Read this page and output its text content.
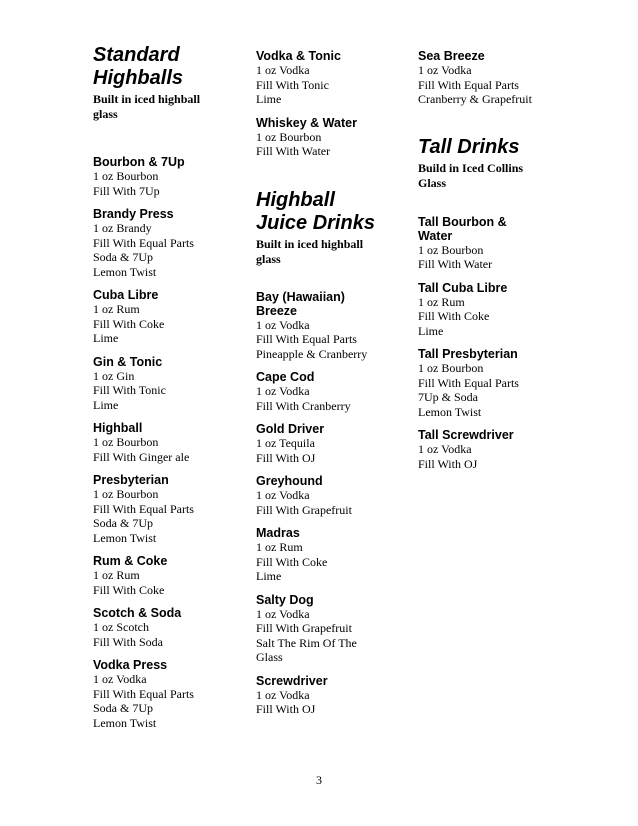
Standard Highballs
Built in iced highball glass
Bourbon & 7Up
1 oz Bourbon
Fill With 7Up
Brandy Press
1 oz Brandy
Fill With Equal Parts
Soda & 7Up
Lemon Twist
Cuba Libre
1 oz Rum
Fill With Coke
Lime
Gin & Tonic
1 oz Gin
Fill With Tonic
Lime
Highball
1 oz Bourbon
Fill With Ginger ale
Presbyterian
1 oz Bourbon
Fill With Equal Parts
Soda & 7Up
Lemon Twist
Rum & Coke
1 oz Rum
Fill With Coke
Scotch & Soda
1 oz Scotch
Fill With Soda
Vodka Press
1 oz Vodka
Fill With Equal Parts
Soda & 7Up
Lemon Twist
Vodka & Tonic
1 oz Vodka
Fill With Tonic
Lime
Whiskey & Water
1 oz Bourbon
Fill With Water
Highball Juice Drinks
Built in iced highball glass
Bay (Hawaiian) Breeze
1 oz Vodka
Fill With Equal Parts
Pineapple & Cranberry
Cape Cod
1 oz Vodka
Fill With Cranberry
Gold Driver
1 oz Tequila
Fill With OJ
Greyhound
1 oz Vodka
Fill With Grapefruit
Madras
1 oz Rum
Fill With Coke
Lime
Salty Dog
1 oz Vodka
Fill With Grapefruit
Salt The Rim Of The Glass
Screwdriver
1 oz Vodka
Fill With OJ
Sea Breeze
1 oz Vodka
Fill With Equal Parts
Cranberry & Grapefruit
Tall Drinks
Build in Iced Collins Glass
Tall Bourbon & Water
1 oz Bourbon
Fill With Water
Tall Cuba Libre
1 oz Rum
Fill With Coke
Lime
Tall Presbyterian
1 oz Bourbon
Fill With Equal Parts
7Up & Soda
Lemon Twist
Tall Screwdriver
1 oz Vodka
Fill With OJ
3
